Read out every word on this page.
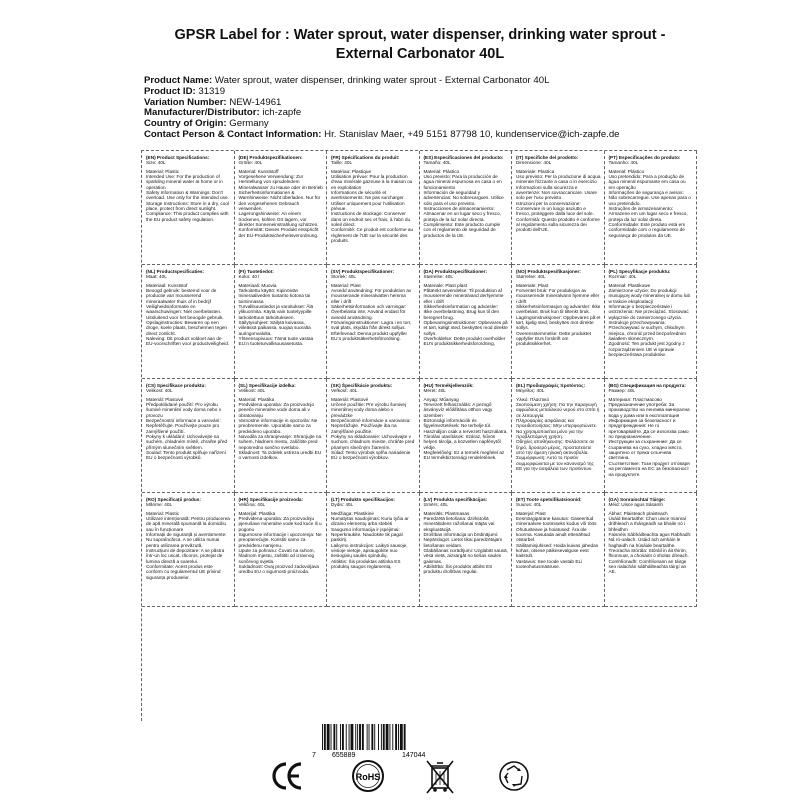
GPSR Label for : Water sprout, water dispenser, drinking water sprout - External Carbonator 40L
Product Name: Water sprout, water dispenser, drinking water sprout - External Carbonator 40L
Product ID: 31319
Variation Number: NEW-14961
Manufacturer/Distributor: ich-zapfe
Country of Origin: Germany
Contact Person & Contact Information: Hr. Stanislav Maer, +49 5151 87798 10, kundenservice@ich-zapfe.de
(EN) Product Specifications:
Size: 40L
Material: Plastic
Intended Use: For the production of sparkling mineral water at home or in operation
Safety Information & Warnings: Don't overload. Use only for the intended use.
Storage Instructions: Store in a dry, cool place, protect from direct sunlight.
Compliance: This product complies with the EU product safety regulation.
(DE) Produktspezifikationen:
Größe: 40L
Material: Kunststoff
Vorgesehene Verwendung: Zur Herstellung von sprudelndem Mineralwasser zu Hause oder im Betrieb
Sicherheitsinformationen & Warnhinweise: Nicht überladen. Nur für den vorgesehenen Gebrauch verwenden.
Lagerungshinweise: An einem trockenen, kühlen Ort lagern, vor direkter Sonneneinstrahlung schützen.
Konformität: Dieses Produkt entspricht der EU-Produktsicherheitsverordnung.
(FR) Spécifications du produit:
Taille: 40L
Matériau: Plastique
Utilisation prévue: Pour la production d'eau minérale gazeuse à la maison ou en exploitation
Informations de sécurité et avertissements: Ne pas surcharger. Utiliser uniquement pour l'utilisation prévue.
Instructions de stockage: Conserver dans un endroit sec et frais, à l'abri du soleil direct.
Conformité: Ce produit est conforme au règlement de l'UE sur la sécurité des produits.
(ES) Especificaciones del producto:
Tamaño: 40L
Material: Plástico
Uso previsto: Para la producción de agua mineral espumosa en casa o en funcionamiento
Información de seguridad y advertencias: No sobrecargues. Utilice sólo para el uso previsto.
Instrucciones de almacenamiento: Almacenar en un lugar seco y fresco, proteja de la luz solar directa.
Cumplimiento: Este producto cumple con el reglamento de seguridad de productos de la UE.
(IT) Specifiche del prodotto:
Dimensione: 40L
Materiale: Plastica
Uso previsto: Per la produzione di acqua minerale frizzante a casa o in esercizio
Informazioni sulla sicurezza e avvertenze: Non sovraccaricare. Usare solo per l'uso previsto.
Istruzioni per la conservazione: Conservare in un luogo asciutto e fresco, proteggere dalla luce del sole.
Conformità: Questo prodotto è conforme al regolamento sulla sicurezza dei prodotti dell'UE.
(PT) Especificações do produto:
Tamanho: 40L
Material: Plástico
Uso pretendido: Para a produção de água mineral espumante em casa ou em operação
Informações de segurança e avisos: Não sobrecarregue. Use apenas para o uso pretendido.
Instruções de armazenamento: Armazene em um lugar seco e fresco, proteja da luz solar direta.
Conformidade: Este produto está em conformidade com o regulamento de segurança de produtos da UE.
(NL) Productspecificaties:
Maat: 40L
Materiaal: Kunststof
Beoogd gebruik: bestemd voor de productie van mousserend mineraalwater thuis of in bedrijf
Veiligheidsinformatie en waarschuwingen: Niet overbelasten. Uitsluitend voor het beoogde gebruik.
Opslaginstructies: Bewaren op een droge, koele plaats, beschermen tegen direct zonlicht.
Naleving: Dit product voldoet aan de EU-voorschriften voor productveiligheid.
(FI) Tuotetiedot:
Koko: 40 l
Materiaali: Muovia
Tarkoitettu käyttö: Kipinöivän mineraaliveden tuotanto kotona tai toiminnassa
Turvallisuustiedot ja varoitukset: Älä ylikuormita. Käytä vain tuotetyypille tarkoitettuun tarkoitukseen.
Säilytysohjeet: Säilytä kuivassa, viileässä paikassa, suojaa suoralta auringonvalolta.
Yhteensopivuus: Tämä tuote vastaa EU:n tuoteturvallisuusasetusta.
(SV) Produktspecifikationer:
Storlek: 40L
Material: Plast
Avsedd användning: För produktion av mousserande mineralvatten hemma eller i drift
Säkerhetsinformation och varningar: Överbelasta inte. Använd endast för avsedd användning.
Förvaringsinstruktioner: Lagra i en torr, sval plats, skydda från direkt solljus.
Efterlevnad: Denna produkt uppfyller EU:s produktsäkerhetsförordning.
(DA) Produktspecifikationer:
Størrelse: 40L
Materiale: Plast plast
Påtænkt anvendelse: Til produktion af mousserende mineralvand derhjemme eller i drift
Sikkerhedsinformation og advarsler: Ikke overbelastning. Brug kun til den beregnet brug.
Opbevaringsinstruktioner: Opbevares på et tørt, køligt sted, beskyttes mod direkte sollys.
Overholdelse: Dette produkt overholder EU's produktsikkerhedsforordning.
(NO) Produktspesifikasjoner:
Størrelse: 40L
Materiale: Plast
Forventet bruk: For produksjon av mousserende mineralvann hjemme eller i drift
Sikkerhetsinformasjon og advarsler: Ikke overbelast. Bruk kun til tiltenkt bruk.
Lagringsinstruksjoner: Oppbevares på et tørt, kjølig sted, beskyttes mot direkte sollys.
Overensstemmelse: Dette produktet oppfyller EUs forskrift om produktsikkerhet.
(PL) Specyfikacje produktu:
Rozmiar: 40L
Materiał: Plastikowe
Zamierzone użycie: Do produkcji musującej wody mineralnej w domu lub w trakcie eksploatacji
Informacje o bezpieczeństwie i ostrzeżenia: Nie przeciążać. Stosować wyłącznie do zamierzonego użycia.
Instrukcje przechowywania: Przechowywać w suchym, chłodnym miejscu, chronić przed bezpośrednim światłem słonecznym.
Zgodność: Ten produkt jest zgodny z rozporządzeniem UE w sprawie bezpieczeństwa produktów.
(CS) Specifikace produktu:
Velikost: 40L
Materiál: Plastové
Předpokládané použití: Pro výrobu šumivé minerální vody doma nebo v provozu
Bezpečnostní informace a varování: Nepřetěžujte. Používejte pouze pro zamýšlené použití.
Pokyny k ukládání: Uchovávejte na suchém, chladném místě, chraňte před přímým slunečním světlem.
Soulad: Tento produkt splňuje nařízení EU o bezpečnosti výrobků.
(SL) Specifikacije izdelka:
Velikost: 40L
Material: Plastika
Predvidena uporaba: Za proizvodnjo peneče mineralne vode doma ali v obratovanju
Varnostne informacije in opozorila: Ne preobremenite. Uporabite samo za predvideno uporabo.
Navodila za shranjevanje: Shranjujte na suhem, hladnem mestu, zaščitite pred neposredno sončno svetlobo.
Skladnost: Ta izdelek ustreza uredbi EU o varnosti izdelkov.
(SK) Špecifikácie produktu:
Veľkosť: 40L
Materiál: Plastové
Určené použitie: Pre výrobu šumivej minerálnej vody doma alebo v prevádzke
Bezpečnostné informácie a varovania: Nepreťažujte. Používajte iba na zamýšľané použitie.
Pokyny na skladovanie: Uchovávajte v suchom, chladnom mieste, chráňte pred priamym slnečným žiarením.
Súlad: Tento výrobok spĺňa nariadenie EÚ o bezpečnosti výrobkov.
(HU) Termékjellemzők:
Méret: 40L
Anyag: Műanyag
Tervezett felhasználás: A pezsgő ásványvíz előállítása otthon vagy üzemben
Biztonsági információk és figyelmeztetések: Ne terhelje túl. Használjon csak a tervezett használatra.
Tárolási utasítások: Száraz, hűvös helyen tárolja, a közvetlen napfénytől védje.
Megfelelőség: Ez a termék megfelel az EU termékbiztonsági rendeletének.
(EL) Προδιαγραφές προϊόντος:
Μέγεθος: 40L
Υλικό: Πλαστικό
Σκοπούμενη χρήση: Για την παραγωγή αφρώδους μεταλλικού νερού στο σπίτι ή σε λειτουργία
Πληροφορίες ασφάλειας και προειδοποιήσεις: Μην υπερφορτώνετε. Να χρησιμοποιείται μόνο για την προβλεπόμενη χρήση.
Οδηγίες αποθήκευσης: Φυλάσσετε σε ξηρό, δροσερό μέρος, προστατεύετε από την άμεση ηλιακή ακτινοβολία.
Συμμόρφωση: Αυτό το προϊόν συμμορφώνεται με τον κανονισμό της ΕΕ για την ασφάλεια των προϊόντων.
(BG) Спецификация на продукта:
Размер: 40L
Материал: Пластмасово
Предназначение употреба: За производство на пенлива минерална вода у дома или в експлоатация
Информация за безопасност и предупреждения: Не го претоварвайте. Да се използва само по предназначение.
Инструкции за съхранение: Да се съхранява на сухо, хладно място, защитено от пряка слънчева светлина.
Съответствие: Този продукт отговаря на регламента на ЕС за безопасност на продуктите.
(RO) Specificații produs:
Mărime: 40L
Material: Plastic
Utilizare intenționată: Pentru producerea de apă minerală spumantă la domiciliu sau în funcționare
Informații de siguranță și avertismente: Nu supraîncărca. A se utiliza numai pentru utilizarea prevăzută.
Instrucțiuni de depozitare: A se păstra într-un loc uscat, răcoros, protejat de lumina directă a soarelui.
Conformitate: Acest produs este conform cu regulamentul UE privind siguranța produselor.
(HR) Specifikacije proizvoda:
Veličina: 40L
Materijal: Plastika
Predviđena uporaba: Za proizvodnju pjenušave mineralne vode kod kuće ili u pogonu
Sigurnosne informacije i upozorenja: Ne preopterećujte. Koristiti samo za predviđenu namjenu.
Upute za pohranu: Čuvati na suhom, hladnom mjestu, zaštititi od izravnog sunčevog svjetla.
Sukladnost: Ovaj proizvod zadovoljava uredbu EU o sigurnosti proizvoda.
(LT) Produkto specifikacijos:
Dydis: 40L
Medžiaga: Plastikinė
Numatytas naudojimas: Kuriu tyčia ar dizaino elementų arba stebėti
Saugumo informacija ir įspėjimai: Neperkraukite. Naudokite tik pagal paskirtį.
Laikymo instrukcijos: Laikyti sausoje, vėsioje vietoje, apsaugokite nuo tiesioginių saulės spindulių.
Atitiktis: Šis produktas atitinka ES produktų saugos reglamentą.
(LV) Produkta specifikācijas:
Izmērs: 40L
Materiāls: Plastmasas
Paredzētā lietošana: dzirkstošā minerālūdens ražošanai mājās vai ekspluatācijā
Drošības informācija un brīdinājumi: Nepārslogot. Lietot tikai paredzētajam lietošanas veidam.
Glabāšanas norādījumi: Uzglabāt sausā, vēsā vietā, aizsargāt no tiešas saules gaismas.
Atbilstība: Šis produkts atbilst ES produktu drošības regulai.
(ET) Toote spetsifikatsioonid:
Suurus: 40L
Materjal: Plast
Eesmärgipärane kasutus: Gaseeritud mineraalvee tootmiseks kodus või töös
Ohutusteave ja hoiatused: Ära üle koorma. Kasutada ainult ettenähtud otstarbel.
Säilitamisjuhised: Hoida kuivas jahedas kohas, otsese päikesevalguse eest kaitstult.
Vastavus: See toode vastab ELi tooteohutusmääruse.
(GA) Sonraíochtaí Táirge:
Méid: Uisce agus Sásamh
Ábhar: Plaisteach plaisteach
Úsáid Beartaithe: Chun uisce mianraí drithleach a tháirgeadh sa bhaile nó i bhfeidhm
Faisnéis Sábháilteachta agus Rabhadh: Ná ró-ualach. Úsáid ach amháin le haghaidh na húsáide beartaithe.
Treoracha Stórála: Stóráil in áit thirim, fhionnuar, a chosaint ó sholas díreach.
Comhlíonadh: Comhlíonann an táirge seo rialachán sábháilteachta táirgí an AE.
7 655889	147044
RoHS
